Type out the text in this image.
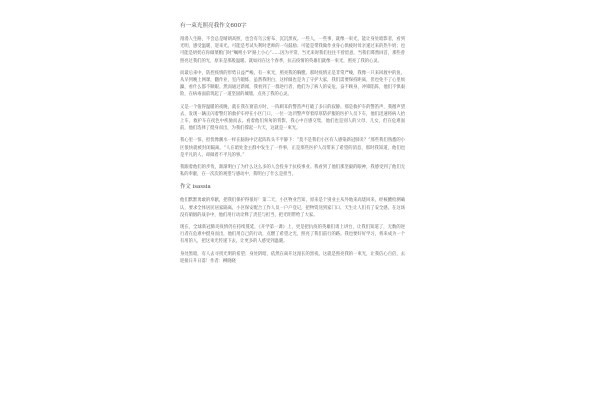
有一束光照亮我作文600字

漫漫人生路，不会总是晴朗高照，也会有乌云密布、沉沉黑夜。一些人，一些事，就像一束光，能让身处暗影者，看到光明、感受温暖、迎来光。可能是考试失利时老师的一句鼓励；可能是带我做作业身心俱疲时母亲递过来的热牛奶；也可能是奶奶在你做菜粮门时“嘱咐小‘P’路上小心”……因为平常，当光来时我们往往不曾留意，当我们蓦然回首，那些曾照亮过我们的光，原来是那般温暖。就如同在这个春季，抗击疫情的英雄们就像一束光，照亮了我的心灵。

而最后来中，防控疫情的形势日益严峻。有一束光，照亮我的胸膛。那时疫情正是非常严峻，我像一只来回渡中的鱼，从早到晚上网课，翻作业，室内锻炼，虽然我明白，这样做也是为了守护大家，我们需要保持距离，但也免不了心里烦躁，看什么都不顺眼。然而通过新闻，我看到了一群逆行者，他们为了病人的安危，奋不顾身、冲锋陷阵，他们不惧艰险，在病毒面前筑起了一道坚固的城墙，点亮了我的心灵。

又是一个值得温暖的夜晚，就在我在窗前方时，一阵刺耳的警笛声打破了多日的寂静。那是救护车的警笛声，我循声望去，发现一辆正闪着警灯的救护车停在小区门口，一位一边凹警声穿着厚厚防护服的医护人员下车，他们迅速将病人抬上车，救护车在夜色中疾驰而去。看着他们匆匆的背影，我心中百感交集，他们也是别人的父母、儿女，但在危难面前，他们选择了挺身而出，为我们撑起一片天，这就是一束光。

我心里一惊，担忧像潮水一样在脑海中泛起阵阵头不平静下：“莫不是我们小区有人感染新冠肺炎？”那些我们熟悉的小区很快就被封闭隔离。“人在暗处金主群中发生了一件事，正是那些医护人员带来了希望的消息，那时我知道，他们也是平凡的人，却做着不平凡的事。”

我跟着他们的步伐，渐渐明白了为什么这么多的人会投身于抗疫事业。我看到了他们那坚毅的眼神，我感受到了他们无私的奉献，在一次次的观望与感动中，我明白了什么是担当。

作文 isassia

他们默默勇敢的奉献，把我们保护得很好！第二天，小区物业告知，原来是个别业主从外地来高烧回来，经核酸检测确认，要求全体居民居家隔离，小区保安配合工作人员一户户登记，把物资送到家门口，天生让人们有了安全感。在这场没有硝烟的战争中，他们用行动诠释了责任与担当，把光明带给了大家。

现在，全球新冠肺炎疫情仍在持续蔓延，《开学第一课》上，更是把抗疫的英雄们请上讲台，让我们知道了，无数的逆行者在危难中挺身而出，他们用自己的行动，点燃了希望之光，照亮了我们前行的路。我也要好好学习，将来成为一个有用的人，把这束光传递下去，让更多的人感受到温暖。

身处黑暗，有人去寻找光明的希望；身处阴暗，依然在离开这漫长的黑夜。这就是照亮我的一束光，让我信心百倍，去迎接日升日落！作者：柳晓晓
